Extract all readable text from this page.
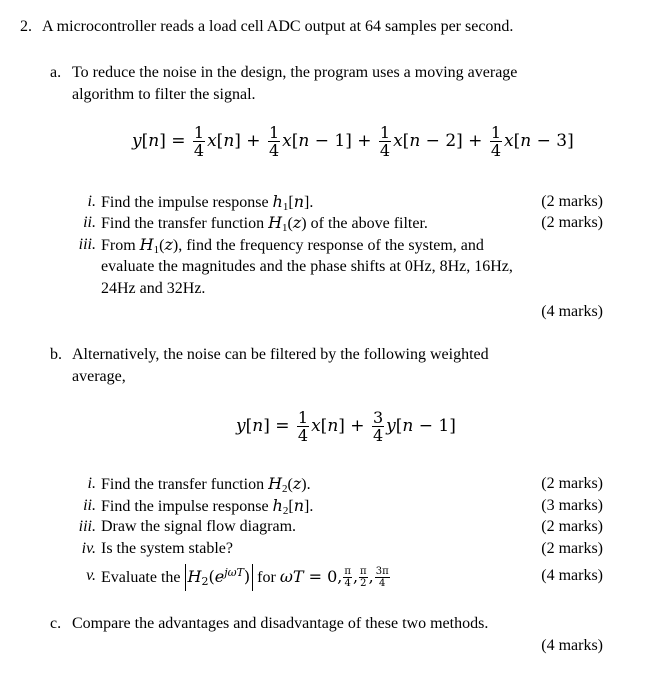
2. A microcontroller reads a load cell ADC output at 64 samples per second.
a. To reduce the noise in the design, the program uses a moving average
algorithm to filter the signal.
$y[n] = \frac{1}{4} x[n] + \frac{1}{4} x[n - 1] + \frac{1}{4} x[n - 2] + \frac{1}{4} x[n - 3]$
i. Find the impulse response $h_1[n]$.	(2 marks)
ii. Find the transfer function $H_1(z)$ of the above filter.	(2 marks)
iii. From $H_1(z)$, find the frequency response of the system, and
evaluate the magnitudes and the phase shifts at 0Hz, 8Hz, 16Hz,
24Hz and 32Hz.
(4 marks)
b. Alternatively, the noise can be filtered by the following weighted
average,
$y[n] = \frac{1}{4} x[n] + \frac{3}{4} y[n - 1]$
i. Find the transfer function $H_2(z)$.	(2 marks)
ii. Find the impulse response $h_2[n]$.	(3 marks)
iii. Draw the signal flow diagram.	(2 marks)
iv. Is the system stable?	(2 marks)
v. Evaluate the $H_2(e^{j\omega T})$ for ωT = 0, $\frac{\pi}{4}$ , $\frac{\pi}{2}$ , $\frac{3\pi}{4}$	(4 marks)
c. Compare the advantages and disadvantage of these two methods.
(4 marks)
